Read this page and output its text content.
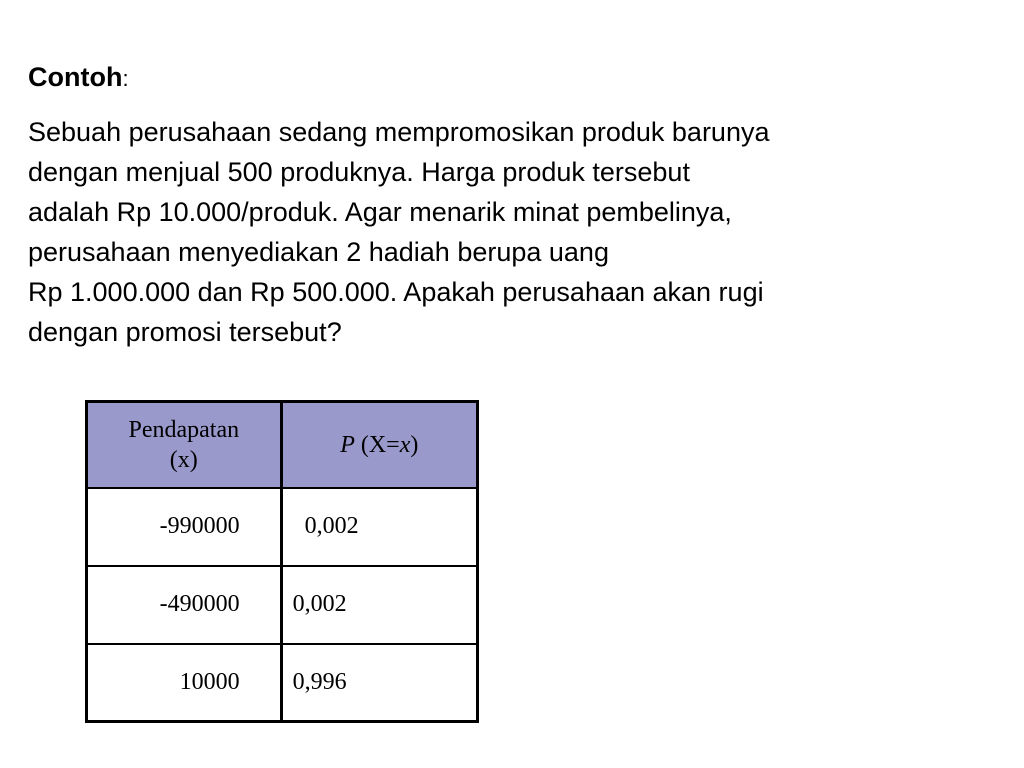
Contoh:
Sebuah perusahaan sedang mempromosikan produk barunya
dengan menjual 500 produknya. Harga produk tersebut
adalah Rp 10.000/produk. Agar menarik minat pembelinya,
perusahaan menyediakan 2 hadiah berupa uang
Rp 1.000.000 dan Rp 500.000. Apakah perusahaan akan rugi
dengan promosi tersebut?
Pendapatan
(x)	P (X=x)
-990000	0,002
-490000	0,002
10000	0,996
